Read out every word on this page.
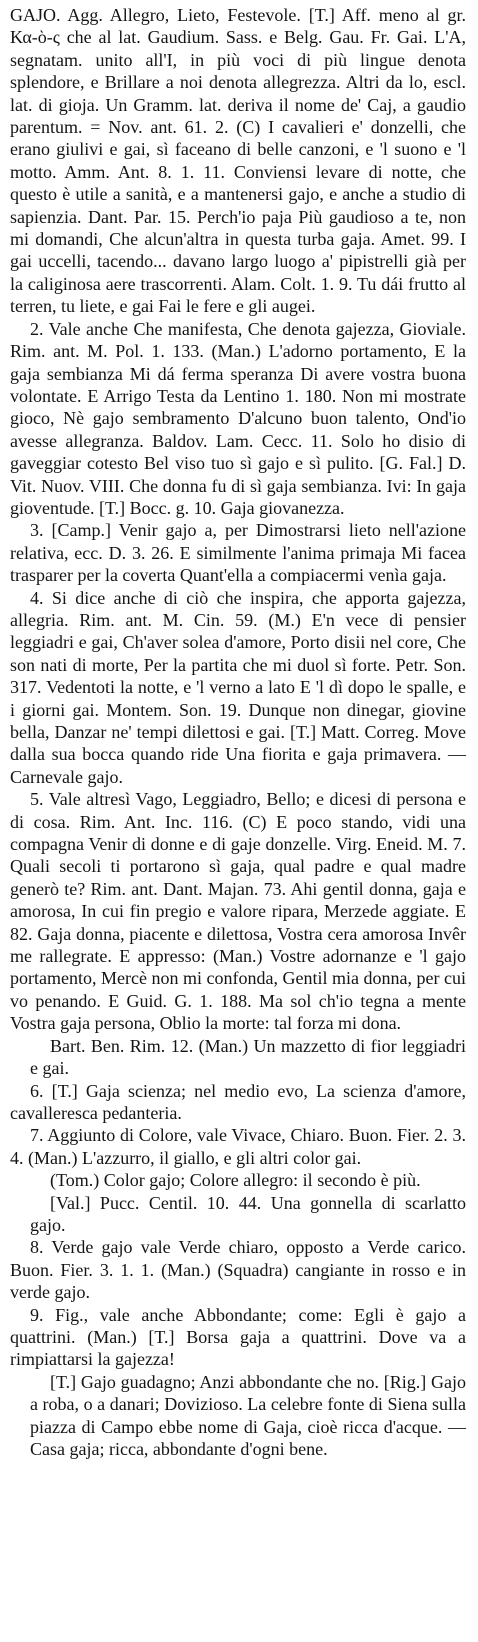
GAJO. Agg. Allegro, Lieto, Festevole. [T.] Aff. meno al gr. Κα‑ὸ‑ς che al lat. Gaudium. Sass. e Belg. Gau. Fr. Gai. L'A, segnatam. unito all'I, in più voci di più lingue denota splendore, e Brillare a noi denota allegrezza. Altri da lo, escl. lat. di gioja. Un Gramm. lat. deriva il nome de' Caj, a gaudio parentum. = Nov. ant. 61. 2. (C) I cavalieri e' donzelli, che erano giulivi e gai, sì faceano di belle canzoni, e 'l suono e 'l motto. Amm. Ant. 8. 1. 11. Conviensi levare di notte, che questo è utile a sanità, e a mantenersi gajo, e anche a studio di sapienzia. Dant. Par. 15. Perch'io paja Più gaudioso a te, non mi domandi, Che alcun'altra in questa turba gaja. Amet. 99. I gai uccelli, tacendo... davano largo luogo a' pipistrelli già per la caliginosa aere trascorrenti. Alam. Colt. 1. 9. Tu dái frutto al terren, tu liete, e gai Fai le fere e gli augei.

2. Vale anche Che manifesta, Che denota gajezza, Gioviale. Rim. ant. M. Pol. 1. 133. (Man.) L'adorno portamento, E la gaja sembianza Mi dá ferma speranza Di avere vostra buona volontate. E Arrigo Testa da Lentino 1. 180. Non mi mostrate gioco, Nè gajo sembramento D'alcuno buon talento, Ond'io avesse allegranza. Baldov. Lam. Cecc. 11. Solo ho disio di gaveggiar cotesto Bel viso tuo sì gajo e sì pulito. [G. Fal.] D. Vit. Nuov. VIII. Che donna fu di sì gaja sembianza. Ivi: In gaja gioventude. [T.] Bocc. g. 10. Gaja giovanezza.

3. [Camp.] Venir gajo a, per Dimostrarsi lieto nell'azione relativa, ecc. D. 3. 26. E similmente l'anima primaja Mi facea trasparer per la coverta Quant'ella a compiacermi venìa gaja.

4. Si dice anche di ciò che inspira, che apporta gajezza, allegria. Rim. ant. M. Cin. 59. (M.) E'n vece di pensier leggiadri e gai, Ch'aver solea d'amore, Porto disii nel core, Che son nati di morte, Per la partita che mi duol sì forte. Petr. Son. 317. Vedentoti la notte, e 'l verno a lato E 'l dì dopo le spalle, e i giorni gai. Montem. Son. 19. Dunque non dinegar, giovine bella, Danzar ne' tempi dilettosi e gai. [T.] Matt. Correg. Move dalla sua bocca quando ride Una fiorita e gaja primavera. — Carnevale gajo.

5. Vale altresì Vago, Leggiadro, Bello; e dicesi di persona e di cosa. Rim. Ant. Inc. 116. (C) E poco stando, vidi una compagna Venir di donne e di gaje donzelle. Virg. Eneid. M. 7. Quali secoli ti portarono sì gaja, qual padre e qual madre generò te? Rim. ant. Dant. Majan. 73. Ahi gentil donna, gaja e amorosa, In cui fin pregio e valore ripara, Merzede aggiate. E 82. Gaja donna, piacente e dilettosa, Vostra cera amorosa Invêr me rallegrate. E appresso: (Man.) Vostre adornanze e 'l gajo portamento, Mercè non mi confonda, Gentil mia donna, per cui vo penando. E Guid. G. 1. 188. Ma sol ch'io tegna a mente Vostra gaja persona, Oblio la morte: tal forza mi dona.

Bart. Ben. Rim. 12. (Man.) Un mazzetto di fior leggiadri e gai.

6. [T.] Gaja scienza; nel medio evo, La scienza d'amore, cavalleresca pedanteria.

7. Aggiunto di Colore, vale Vivace, Chiaro. Buon. Fier. 2. 3. 4. (Man.) L'azzurro, il giallo, e gli altri color gai.

(Tom.) Color gajo; Colore allegro: il secondo è più.

[Val.] Pucc. Centil. 10. 44. Una gonnella di scarlatto gajo.

8. Verde gajo vale Verde chiaro, opposto a Verde carico. Buon. Fier. 3. 1. 1. (Man.) (Squadra) cangiante in rosso e in verde gajo.

9. Fig., vale anche Abbondante; come: Egli è gajo a quattrini. (Man.) [T.] Borsa gaja a quattrini. Dove va a rimpiattarsi la gajezza!

[T.] Gajo guadagno; Anzi abbondante che no. [Rig.] Gajo a roba, o a danari; Dovizioso. La celebre fonte di Siena sulla piazza di Campo ebbe nome di Gaja, cioè ricca d'acque. — Casa gaja; ricca, abbondante d'ogni bene.
